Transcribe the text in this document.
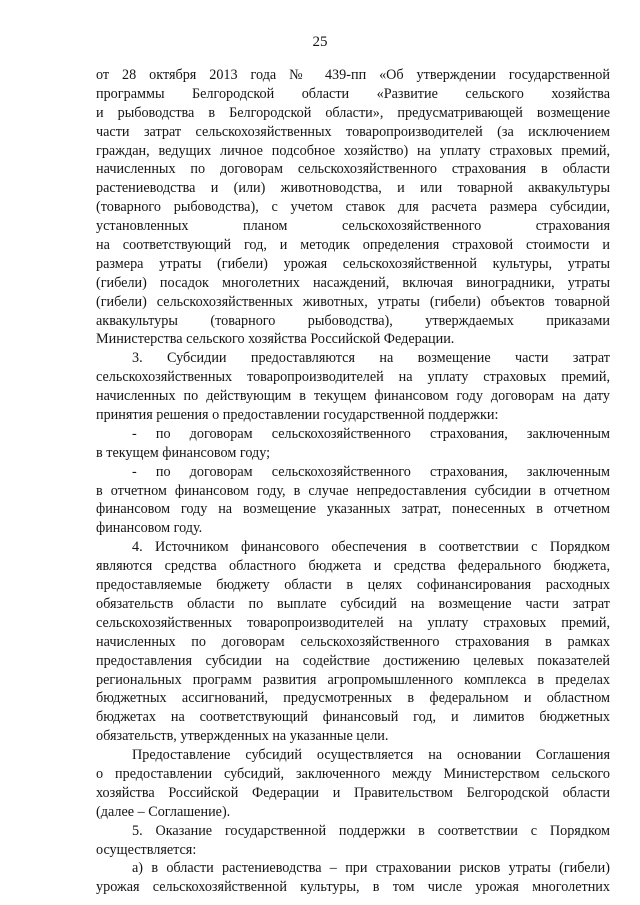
25
от 28 октября 2013 года № 439-пп «Об утверждении государственной
программы Белгородской области «Развитие сельского хозяйства
и рыбоводства в Белгородской области», предусматривающей возмещение
части затрат сельскохозяйственных товаропроизводителей (за исключением
граждан, ведущих личное подсобное хозяйство) на уплату страховых премий,
начисленных по договорам сельскохозяйственного страхования в области
растениеводства и (или) животноводства, и или товарной аквакультуры
(товарного рыбоводства), с учетом ставок для расчета размера субсидии,
установленных планом сельскохозяйственного страхования
на соответствующий год, и методик определения страховой стоимости и
размера утраты (гибели) урожая сельскохозяйственной культуры, утраты
(гибели) посадок многолетних насаждений, включая виноградники, утраты
(гибели) сельскохозяйственных животных, утраты (гибели) объектов товарной
аквакультуры (товарного рыбоводства), утверждаемых приказами
Министерства сельского хозяйства Российской Федерации.
3. Субсидии предоставляются на возмещение части затрат
сельскохозяйственных товаропроизводителей на уплату страховых премий,
начисленных по действующим в текущем финансовом году договорам на дату
принятия решения о предоставлении государственной поддержки:
- по договорам сельскохозяйственного страхования, заключенным
в текущем финансовом году;
- по договорам сельскохозяйственного страхования, заключенным
в отчетном финансовом году, в случае непредоставления субсидии в отчетном
финансовом году на возмещение указанных затрат, понесенных в отчетном
финансовом году.
4. Источником финансового обеспечения в соответствии с Порядком
являются средства областного бюджета и средства федерального бюджета,
предоставляемые бюджету области в целях софинансирования расходных
обязательств области по выплате субсидий на возмещение части затрат
сельскохозяйственных товаропроизводителей на уплату страховых премий,
начисленных по договорам сельскохозяйственного страхования в рамках
предоставления субсидии на содействие достижению целевых показателей
региональных программ развития агропромышленного комплекса в пределах
бюджетных ассигнований, предусмотренных в федеральном и областном
бюджетах на соответствующий финансовый год, и лимитов бюджетных
обязательств, утвержденных на указанные цели.
Предоставление субсидий осуществляется на основании Соглашения
о предоставлении субсидий, заключенного между Министерством сельского
хозяйства Российской Федерации и Правительством Белгородской области
(далее – Соглашение).
5. Оказание государственной поддержки в соответствии с Порядком
осуществляется:
а) в области растениеводства – при страховании рисков утраты (гибели)
урожая сельскохозяйственной культуры, в том числе урожая многолетних
